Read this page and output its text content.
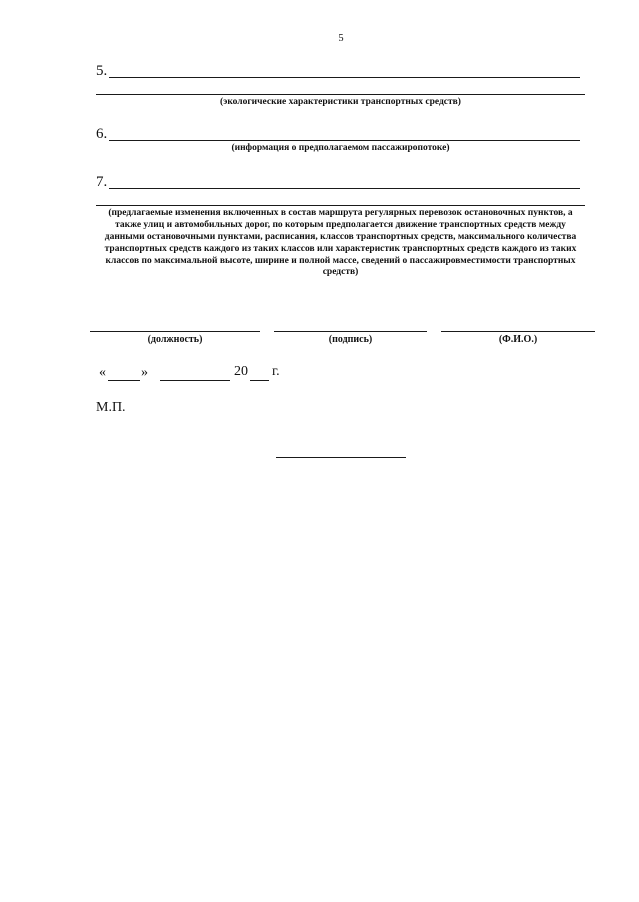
5
5.
(экологические характеристики транспортных средств)
6.
(информация о предполагаемом пассажиропотоке)
7.
(предлагаемые изменения включенных в состав маршрута регулярных перевозок остановочных пунктов, а также улиц и автомобильных дорог, по которым предполагается движение транспортных средств между данными остановочными пунктами, расписания, классов транспортных средств, максимального количества транспортных средств каждого из таких классов или характеристик транспортных средств каждого из таких классов по максимальной высоте, ширине и полной массе, сведений о пассажировместимости транспортных средств)
(должность)	(подпись)	(Ф.И.О.)
«	»	20 г.
М.П.
